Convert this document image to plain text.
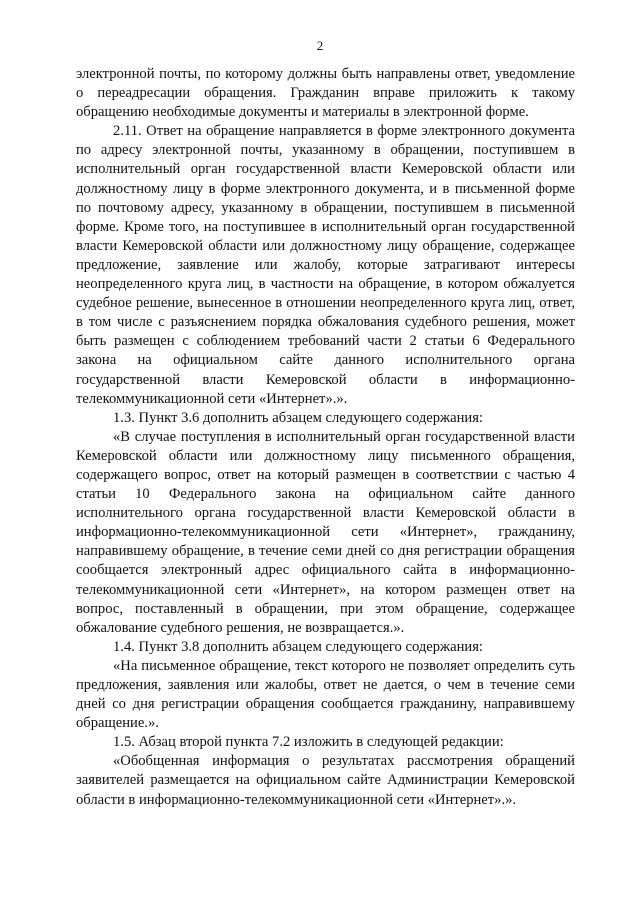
2

электронной почты, по которому должны быть направлены ответ, уведомление о переадресации обращения. Гражданин вправе приложить к такому обращению необходимые документы и материалы в электронной форме.

2.11. Ответ на обращение направляется в форме электронного документа по адресу электронной почты, указанному в обращении, поступившем в исполнительный орган государственной власти Кемеровской области или должностному лицу в форме электронного документа, и в письменной форме по почтовому адресу, указанному в обращении, поступившем в письменной форме. Кроме того, на поступившее в исполнительный орган государственной власти Кемеровской области или должностному лицу обращение, содержащее предложение, заявление или жалобу, которые затрагивают интересы неопределенного круга лиц, в частности на обращение, в котором обжалуется судебное решение, вынесенное в отношении неопределенного круга лиц, ответ, в том числе с разъяснением порядка обжалования судебного решения, может быть размещен с соблюдением требований части 2 статьи 6 Федерального закона на официальном сайте данного исполнительного органа государственной власти Кемеровской области в информационно-телекоммуникационной сети «Интернет».».

1.3. Пункт 3.6 дополнить абзацем следующего содержания:

«В случае поступления в исполнительный орган государственной власти Кемеровской области или должностному лицу письменного обращения, содержащего вопрос, ответ на который размещен в соответствии с частью 4 статьи 10 Федерального закона на официальном сайте данного исполнительного органа государственной власти Кемеровской области в информационно-телекоммуникационной сети «Интернет», гражданину, направившему обращение, в течение семи дней со дня регистрации обращения сообщается электронный адрес официального сайта в информационно-телекоммуникационной сети «Интернет», на котором размещен ответ на вопрос, поставленный в обращении, при этом обращение, содержащее обжалование судебного решения, не возвращается.».

1.4. Пункт 3.8 дополнить абзацем следующего содержания:

«На письменное обращение, текст которого не позволяет определить суть предложения, заявления или жалобы, ответ не дается, о чем в течение семи дней со дня регистрации обращения сообщается гражданину, направившему обращение.».

1.5. Абзац второй пункта 7.2 изложить в следующей редакции:

«Обобщенная информация о результатах рассмотрения обращений заявителей размещается на официальном сайте Администрации Кемеровской области в информационно-телекоммуникационной сети «Интернет».».
